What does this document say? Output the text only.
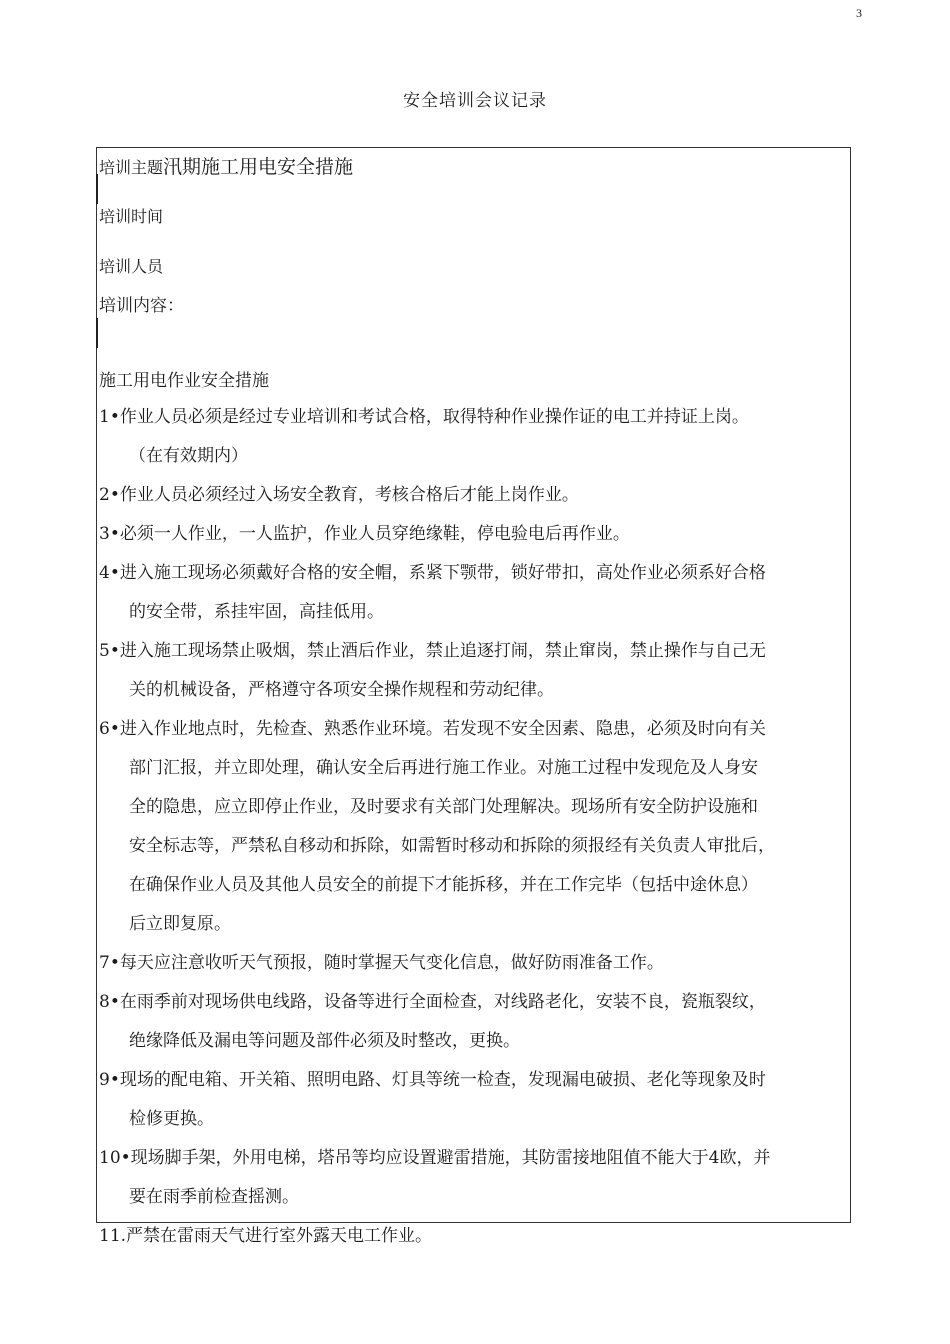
3
安全培训会议记录
培训主题汛期施工用电安全措施
培训时间
培训人员
培训内容：
施工用电作业安全措施
1•作业人员必须是经过专业培训和考试合格，取得特种作业操作证的电工并持证上岗。
（在有效期内）
2•作业人员必须经过入场安全教育，考核合格后才能上岗作业。
3•必须一人作业，一人监护，作业人员穿绝缘鞋，停电验电后再作业。
4•进入施工现场必须戴好合格的安全帽，系紧下颚带，锁好带扣，高处作业必须系好合格
的安全带，系挂牢固，高挂低用。
5•进入施工现场禁止吸烟，禁止酒后作业，禁止追逐打闹，禁止窜岗，禁止操作与自己无
关的机械设备，严格遵守各项安全操作规程和劳动纪律。
6•进入作业地点时，先检查、熟悉作业环境。若发现不安全因素、隐患，必须及时向有关
部门汇报，并立即处理，确认安全后再进行施工作业。对施工过程中发现危及人身安
全的隐患，应立即停止作业，及时要求有关部门处理解决。现场所有安全防护设施和
安全标志等，严禁私自移动和拆除，如需暂时移动和拆除的须报经有关负责人审批后，
在确保作业人员及其他人员安全的前提下才能拆移，并在工作完毕（包括中途休息）
后立即复原。
7•每天应注意收听天气预报，随时掌握天气变化信息，做好防雨准备工作。
8•在雨季前对现场供电线路，设备等进行全面检查，对线路老化，安装不良，瓷瓶裂纹，
绝缘降低及漏电等问题及部件必须及时整改，更换。
9•现场的配电箱、开关箱、照明电路、灯具等统一检查，发现漏电破损、老化等现象及时
检修更换。
10•现场脚手架，外用电梯，塔吊等均应设置避雷措施，其防雷接地阻值不能大于4欧，并
要在雨季前检查摇测。
11.严禁在雷雨天气进行室外露天电工作业。
